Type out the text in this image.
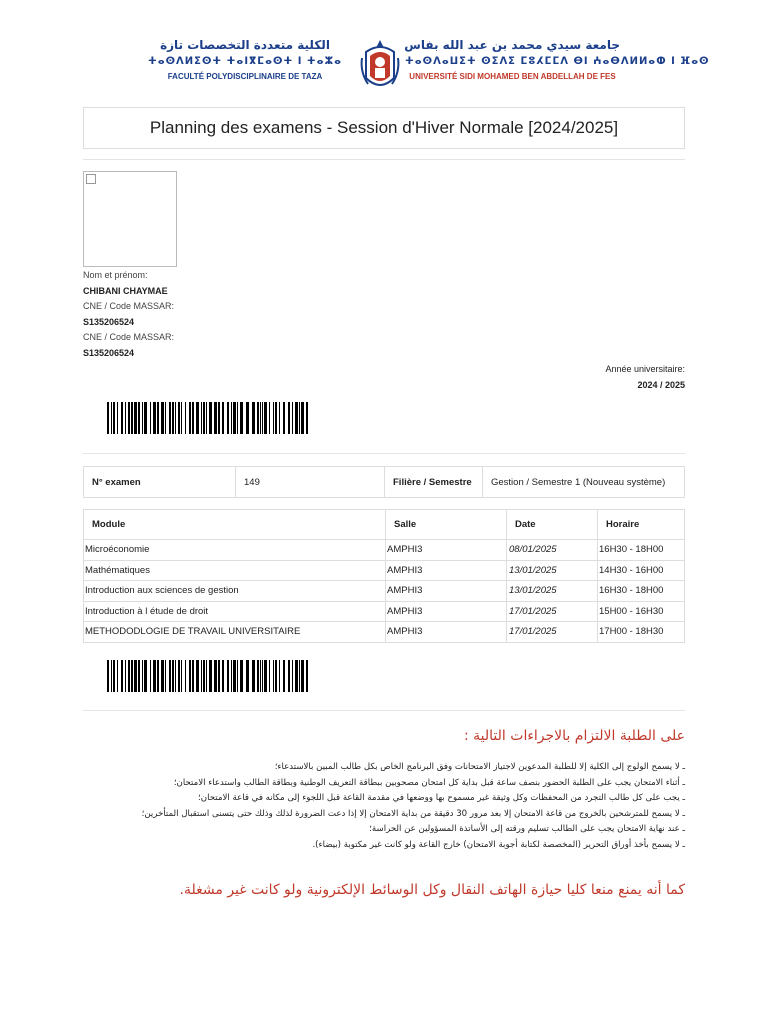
الكلية متعددة التخصصات تازة
ⵜⴰⵙⴷⵍⵉⵙⵜ ⵜⴰⵏⴳⵎⴰⵙⵜ ⵏ ⵜⴰⵣⴰ
FACULTÉ POLYDISCIPLINAIRE DE TAZA
جامعة سيدي محمد بن عبد الله بفاس
ⵜⴰⵙⴷⴰⵡⵉⵜ ⵙⵉⴷⵉ ⵎⵓⵃⵎⵎⴷ ⴱⵏ ⵄⴰⴱⴷⵍⵍⴰⵀ ⵏ ⴼⴰⵙ
UNIVERSITÉ SIDI MOHAMED BEN ABDELLAH DE FES
Planning des examens - Session d'Hiver Normale [2024/2025]
Nom et prénom:
CHIBANI CHAYMAE
CNE / Code MASSAR:
S135206524
CNE / Code MASSAR:
S135206524
Année universitaire:
2024 / 2025
N° examen	149	Filière / Semestre	Gestion / Semestre 1 (Nouveau système)
Module	Salle	Date	Horaire
Microéconomie	AMPHI3	08/01/2025	16H30 - 18H00
Mathématiques	AMPHI3	13/01/2025	14H30 - 16H00
Introduction aux sciences de gestion	AMPHI3	13/01/2025	16H30 - 18H00
Introduction à l étude de droit	AMPHI3	17/01/2025	15H00 - 16H30
METHODODLOGIE DE TRAVAIL UNIVERSITAIRE	AMPHI3	17/01/2025	17H00 - 18H30
على الطلبة الالتزام بالاجراءات التالية :
ـ لا يسمح الولوج إلى الكلية إلا للطلبة المدعوين لاجتياز الامتحانات وفق البرنامج الخاص بكل طالب المبين بالاستدعاء؛
ـ أثناء الامتحان يجب على الطلبة الحضور بنصف ساعة قبل بداية كل امتحان مصحوبين ببطاقة التعريف الوطنية وبطاقة الطالب واستدعاء الامتحان؛
ـ يجب على كل طالب التجرد من المحفظات وكل وثيقة غير مسموح بها ووضعها في مقدمة القاعة قبل اللجوء إلى مكانه في قاعة الامتحان؛
ـ لا يسمح للمترشحين بالخروج من قاعة الامتحان إلا بعد مرور 30 دقيقة من بداية الامتحان إلا إذا دعت الضرورة لذلك وذلك حتى يتسنى استقبال المتأخرين؛
ـ عند نهاية الامتحان يجب على الطالب تسليم ورقته إلى الأساتذة المسؤولين عن الحراسة؛
ـ لا يسمح بأخذ أوراق التحرير (المخصصة لكتابة أجوبة الامتحان) خارج القاعة ولو كانت غير مكتوبة (بيضاء).
كما أنه يمنع منعا كليا حيازة الهاتف النقال وكل الوسائط الإلكترونية ولو كانت غير مشغلة.
